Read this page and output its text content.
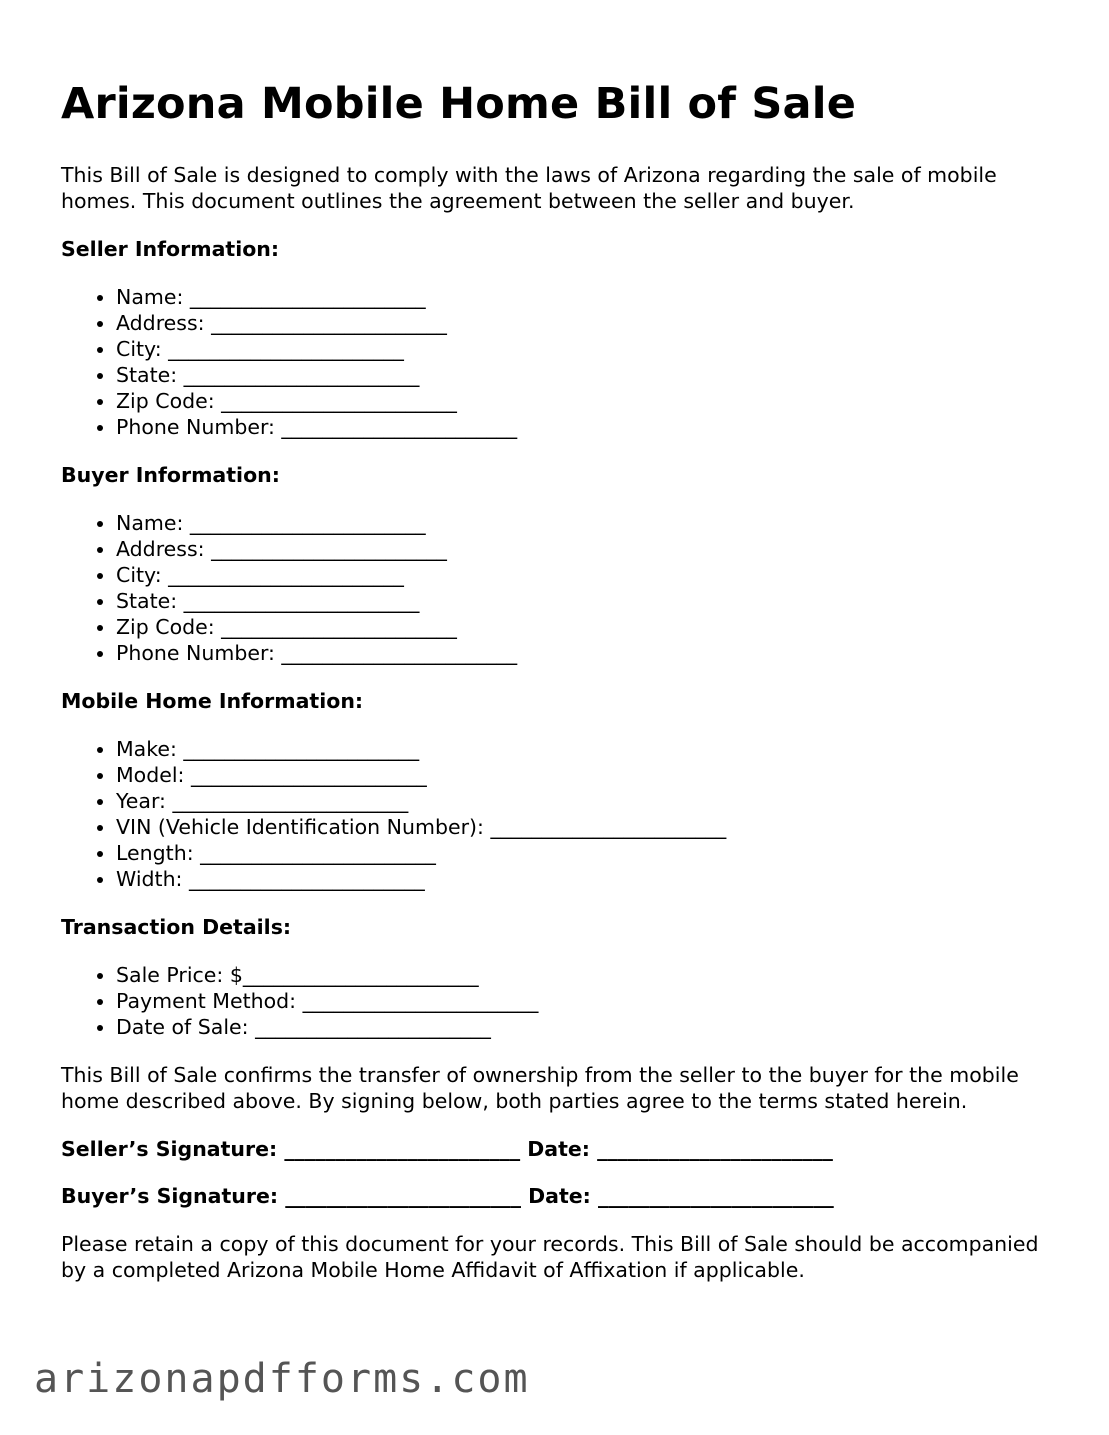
Arizona Mobile Home Bill of Sale

This Bill of Sale is designed to comply with the laws of Arizona regarding the sale of mobile homes. This document outlines the agreement between the seller and buyer.

Seller Information:
• Name: _______________________
• Address: _______________________
• City: _______________________
• State: _______________________
• Zip Code: _______________________
• Phone Number: _______________________
Buyer Information:
• Name: _______________________
• Address: _______________________
• City: _______________________
• State: _______________________
• Zip Code: _______________________
• Phone Number: _______________________
Mobile Home Information:
• Make: _______________________
• Model: _______________________
• Year: _______________________
• VIN (Vehicle Identification Number): _______________________
• Length: _______________________
• Width: _______________________
Transaction Details:
• Sale Price: $_______________________
• Payment Method: _______________________
• Date of Sale: _______________________

This Bill of Sale confirms the transfer of ownership from the seller to the buyer for the mobile home described above. By signing below, both parties agree to the terms stated herein.

Seller’s Signature: _______________________ Date: _______________________
Buyer’s Signature: _______________________ Date: _______________________

Please retain a copy of this document for your records. This Bill of Sale should be accompanied by a completed Arizona Mobile Home Affidavit of Affixation if applicable.

arizonapdfforms.com
